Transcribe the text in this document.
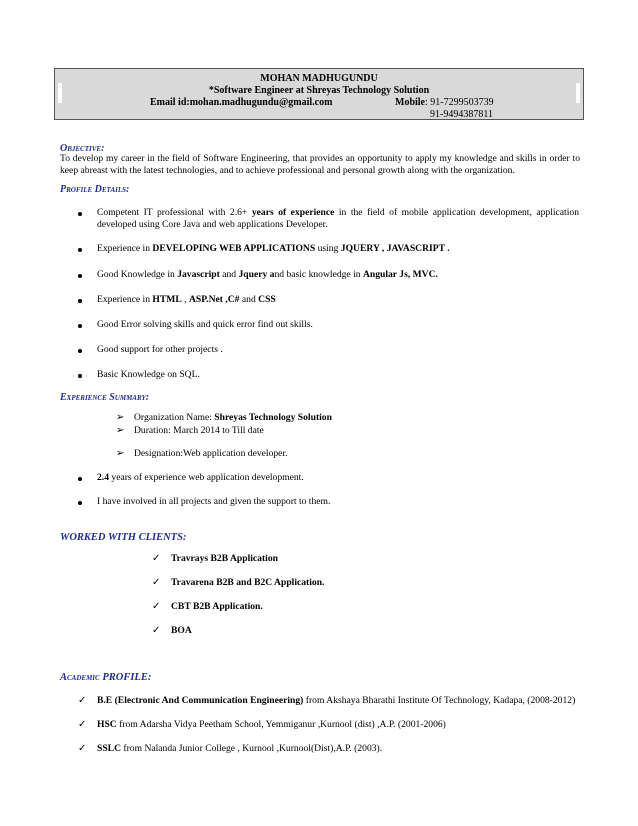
MOHAN MADHUGUNDU
*Software Engineer at Shreyas Technology Solution
Email id:mohan.madhugundu@gmail.com	Mobile: 91-7299503739
91-9494387811
Objective:
To develop my career in the field of Software Engineering, that provides an opportunity to apply my knowledge and skills in order to keep abreast with the latest technologies, and to achieve professional and personal growth along with the organization.
Profile Details:
Competent IT professional with 2.6+ years of experience in the field of mobile application development, application developed using Core Java and web applications Developer.
Experience in DEVELOPING WEB APPLICATIONS using JQUERY , JAVASCRIPT .
Good Knowledge in Javascript and Jquery and basic knowledge in Angular Js, MVC.
Experience in HTML , ASP.Net ,C# and CSS
Good Error solving skills and quick error find out skills.
Good support for other projects .
Basic Knowledge on SQL.
Experience Summary:
➢ Organization Name: Shreyas Technology Solution
➢ Duration: March 2014 to Till date
➢ Designation:Web application developer.
2.4 years of experience web application development.
I have involved in all projects and given the support to them.
WORKED WITH CLIENTS:
✓ Travrays B2B Application
✓ Travarena B2B and B2C Application.
✓ CBT B2B Application.
✓ BOA
Academic PROFILE:
✓ B.E (Electronic And Communication Engineering) from Akshaya Bharathi Institute Of Technology, Kadapa, (2008-2012)
✓ HSC from Adarsha Vidya Peetham School, Yemmiganur ,Kurnool (dist) ,A.P. (2001-2006)
✓ SSLC from Nalanda Junior College , Kurnool ,Kurnool(Dist),A.P. (2003).
